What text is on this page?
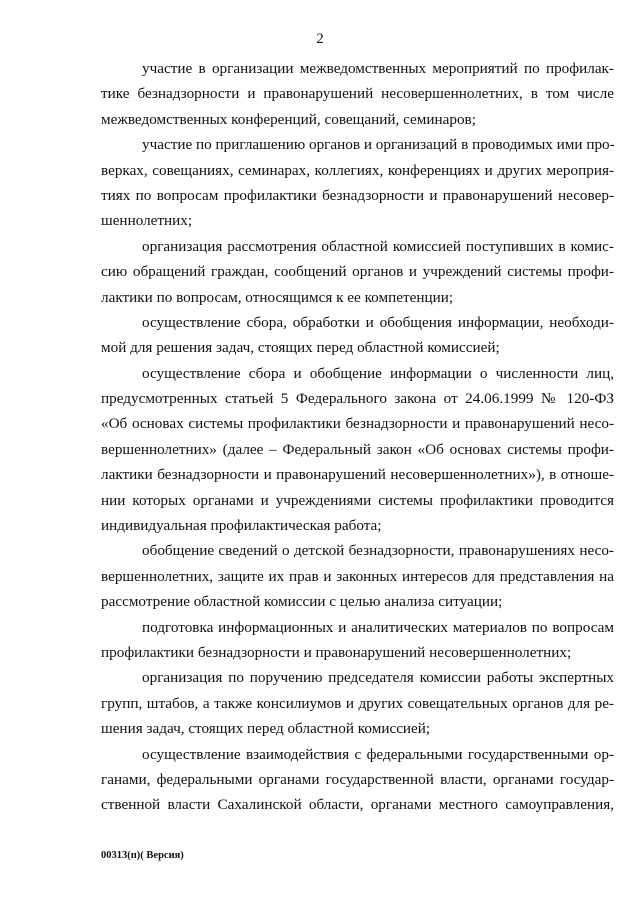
2
участие в организации межведомственных мероприятий по профилак-
тике безнадзорности и правонарушений несовершеннолетних, в том числе
межведомственных конференций, совещаний, семинаров;
участие по приглашению органов и организаций в проводимых ими про-
верках, совещаниях, семинарах, коллегиях, конференциях и других мероприя-
тиях по вопросам профилактики безнадзорности и правонарушений несовер-
шеннолетних;
организация рассмотрения областной комиссией поступивших в комис-
сию обращений граждан, сообщений органов и учреждений системы профи-
лактики по вопросам, относящимся к ее компетенции;
осуществление сбора, обработки и обобщения информации, необходи-
мой для решения задач, стоящих перед областной комиссией;
осуществление сбора и обобщение информации о численности лиц,
предусмотренных статьей 5 Федерального закона от 24.06.1999 № 120-ФЗ
«Об основах системы профилактики безнадзорности и правонарушений несо-
вершеннолетних» (далее – Федеральный закон «Об основах системы профи-
лактики безнадзорности и правонарушений несовершеннолетних»), в отноше-
нии которых органами и учреждениями системы профилактики проводится
индивидуальная профилактическая работа;
обобщение сведений о детской безнадзорности, правонарушениях несо-
вершеннолетних, защите их прав и законных интересов для представления на
рассмотрение областной комиссии с целью анализа ситуации;
подготовка информационных и аналитических материалов по вопросам
профилактики безнадзорности и правонарушений несовершеннолетних;
организация по поручению председателя комиссии работы экспертных
групп, штабов, а также консилиумов и других совещательных органов для ре-
шения задач, стоящих перед областной комиссией;
осуществление взаимодействия с федеральными государственными ор-
ганами, федеральными органами государственной власти, органами государ-
ственной власти Сахалинской области, органами местного самоуправления,
00313(п)( Версия)
